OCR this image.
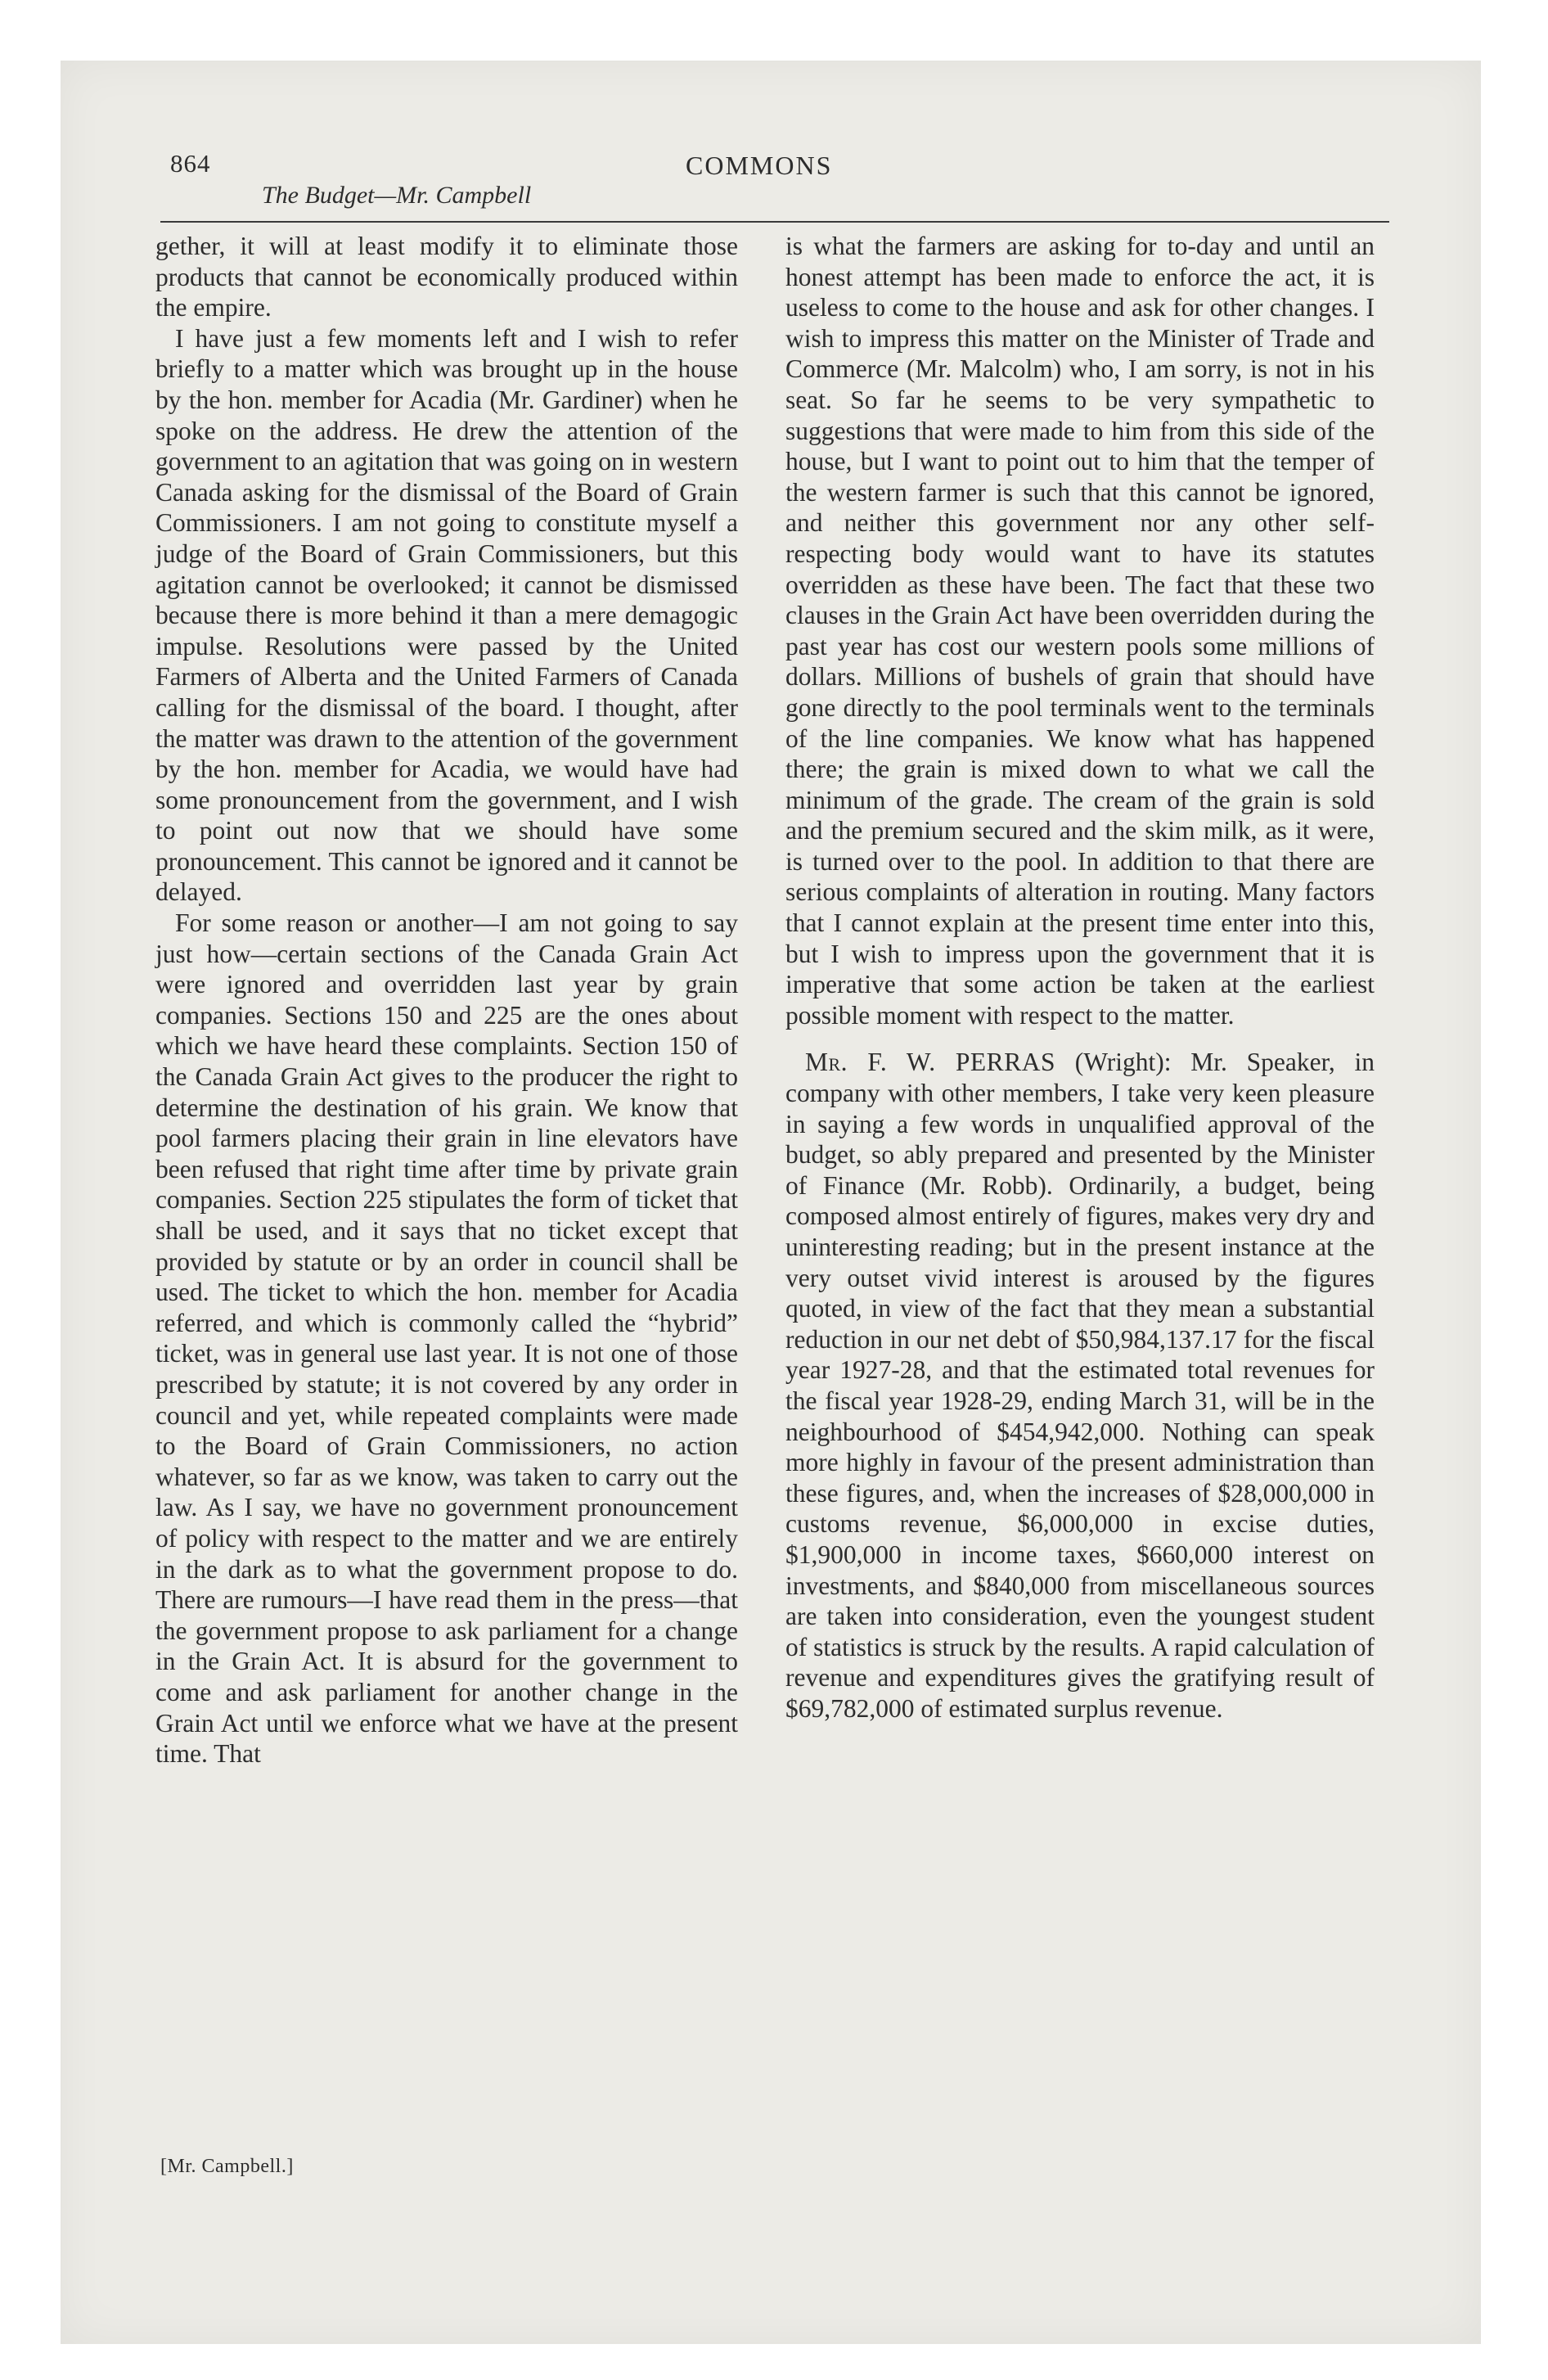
864
The Budget—Mr. Campbell
COMMONS

gether, it will at least modify it to eliminate those products that cannot be economically produced within the empire.

I have just a few moments left and I wish to refer briefly to a matter which was brought up in the house by the hon. member for Acadia (Mr. Gardiner) when he spoke on the address. He drew the attention of the government to an agitation that was going on in western Canada asking for the dismissal of the Board of Grain Commissioners. I am not going to constitute myself a judge of the Board of Grain Commissioners, but this agitation cannot be overlooked; it cannot be dismissed because there is more behind it than a mere demagogic impulse. Resolutions were passed by the United Farmers of Alberta and the United Farmers of Canada calling for the dismissal of the board. I thought, after the matter was drawn to the attention of the government by the hon. member for Acadia, we would have had some pronouncement from the government, and I wish to point out now that we should have some pronouncement. This cannot be ignored and it cannot be delayed.

For some reason or another—I am not going to say just how—certain sections of the Canada Grain Act were ignored and overridden last year by grain companies. Sections 150 and 225 are the ones about which we have heard these complaints. Section 150 of the Canada Grain Act gives to the producer the right to determine the destination of his grain. We know that pool farmers placing their grain in line elevators have been refused that right time after time by private grain companies. Section 225 stipulates the form of ticket that shall be used, and it says that no ticket except that provided by statute or by an order in council shall be used. The ticket to which the hon. member for Acadia referred, and which is commonly called the “hybrid” ticket, was in general use last year. It is not one of those prescribed by statute; it is not covered by any order in council and yet, while repeated complaints were made to the Board of Grain Commissioners, no action whatever, so far as we know, was taken to carry out the law. As I say, we have no government pronouncement of policy with respect to the matter and we are entirely in the dark as to what the government propose to do. There are rumours—I have read them in the press—that the government propose to ask parliament for a change in the Grain Act. It is absurd for the government to come and ask parliament for another change in the Grain Act until we enforce what we have at the present time. That

[Mr. Campbell.]

is what the farmers are asking for to-day and until an honest attempt has been made to enforce the act, it is useless to come to the house and ask for other changes. I wish to impress this matter on the Minister of Trade and Commerce (Mr. Malcolm) who, I am sorry, is not in his seat. So far he seems to be very sympathetic to suggestions that were made to him from this side of the house, but I want to point out to him that the temper of the western farmer is such that this cannot be ignored, and neither this government nor any other self-respecting body would want to have its statutes overridden as these have been. The fact that these two clauses in the Grain Act have been overridden during the past year has cost our western pools some millions of dollars. Millions of bushels of grain that should have gone directly to the pool terminals went to the terminals of the line companies. We know what has happened there; the grain is mixed down to what we call the minimum of the grade. The cream of the grain is sold and the premium secured and the skim milk, as it were, is turned over to the pool. In addition to that there are serious complaints of alteration in routing. Many factors that I cannot explain at the present time enter into this, but I wish to impress upon the government that it is imperative that some action be taken at the earliest possible moment with respect to the matter.

Mr. F. W. PERRAS (Wright): Mr. Speaker, in company with other members, I take very keen pleasure in saying a few words in unqualified approval of the budget, so ably prepared and presented by the Minister of Finance (Mr. Robb). Ordinarily, a budget, being composed almost entirely of figures, makes very dry and uninteresting reading; but in the present instance at the very outset vivid interest is aroused by the figures quoted, in view of the fact that they mean a substantial reduction in our net debt of $50,984,137.17 for the fiscal year 1927-28, and that the estimated total revenues for the fiscal year 1928-29, ending March 31, will be in the neighbourhood of $454,942,000. Nothing can speak more highly in favour of the present administration than these figures, and, when the increases of $28,000,000 in customs revenue, $6,000,000 in excise duties, $1,900,000 in income taxes, $660,000 interest on investments, and $840,000 from miscellaneous sources are taken into consideration, even the youngest student of statistics is struck by the results. A rapid calculation of revenue and expenditures gives the gratifying result of $69,782,000 of estimated surplus revenue.
